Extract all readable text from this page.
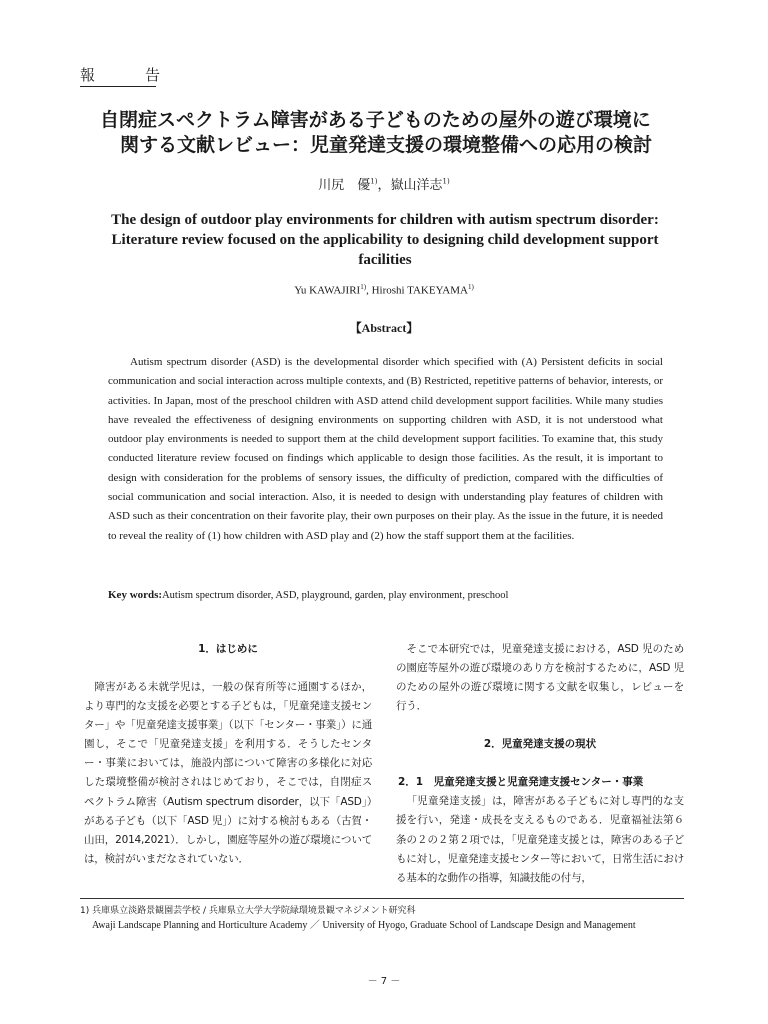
報	告
自閉症スペクトラム障害がある子どものための屋外の遊び環境に
関する文献レビュー：児童発達支援の環境整備への応用の検討
川尻　優$^{1)}$，嶽山洋志$^{1)}$
The design of outdoor play environments for children with autism spectrum disorder: Literature review focused on the applicability to designing child development support facilities
Yu KAWAJIRI$^{1)}$, Hiroshi TAKEYAMA$^{1)}$
【Abstract】

Autism spectrum disorder (ASD) is the developmental disorder which specified with (A) Persistent deficits in social communication and social interaction across multiple contexts, and (B) Restricted, repetitive patterns of behavior, interests, or activities. In Japan, most of the preschool children with ASD attend child development support facilities. While many studies have revealed the effectiveness of designing environments on supporting children with ASD, it is not understood what outdoor play environments is needed to support them at the child development support facilities. To examine that, this study conducted literature review focused on findings which applicable to design those facilities. As the result, it is important to design with consideration for the problems of sensory issues, the difficulty of prediction, compared with the difficulties of social communication and social interaction. Also, it is needed to design with understanding play features of children with ASD such as their concentration on their favorite play, their own purposes on their play. As the issue in the future, it is needed to reveal the reality of (1) how children with ASD play and (2) how the staff support them at the facilities.

Key words:Autism spectrum disorder, ASD, playground, garden, play environment, preschool
1．はじめに

障害がある未就学児は，一般の保育所等に通園するほか，より専門的な支援を必要とする子どもは，「児童発達支援センター」や「児童発達支援事業」（以下「センター・事業」）に通園し，そこで「児童発達支援」を利用する．そうしたセンター・事業においては，施設内部について障害の多様化に対応した環境整備が検討されはじめており，そこでは，自閉症スペクトラム障害（Autism spectrum disorder，以下「ASD」）がある子ども（以下「ASD 児」）に対する検討もある（古賀・山田，2014,2021）．しかし，園庭等屋外の遊び環境については，検討がいまだなされていない．

そこで本研究では，児童発達支援における，ASD 児のための園庭等屋外の遊び環境のあり方を検討するために，ASD 児のための屋外の遊び環境に関する文献を収集し，レビューを行う．

2．児童発達支援の現状
2．1　児童発達支援と児童発達支援センター・事業

「児童発達支援」は，障害がある子どもに対し専門的な支援を行い，発達・成長を支えるものである．児童福祉法第６条の２の２第２項では，「児童発達支援とは，障害のある子どもに対し，児童発達支援センター等において，日常生活における基本的な動作の指導，知識技能の付与，

1) 兵庫県立淡路景観園芸学校 / 兵庫県立大学大学院緑環境景観マネジメント研究科
Awaji Landscape Planning and Horticulture Academy ／ University of Hyogo, Graduate School of Landscape Design and Management
－ 7 －
